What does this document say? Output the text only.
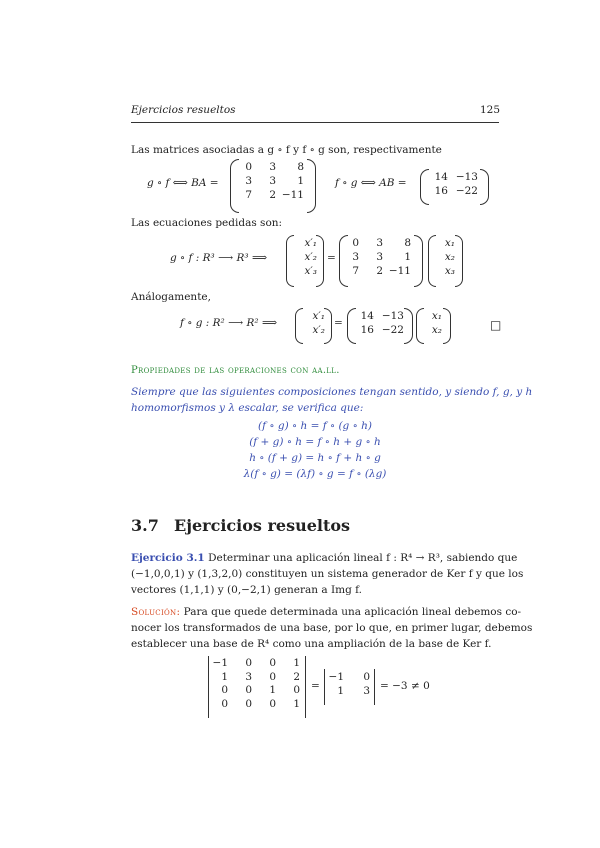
Ejercicios resueltos	125
Las matrices asociadas a g ∘ f y f ∘ g son, respectivamente
g ∘ f ⟺ BA =
0	3	8
3	3	1
7	2 −11
f ∘ g ⟺ AB =	14 −13
16 −22
Las ecuaciones pedidas son:
g ∘ f : R³ ⟶ R³ ⟹
x′₁
x′₂
x′₃
=
0	3	8
3	3	1
7	2 −11
x₁
x₂
x₃
Análogamente,
f ∘ g : R² ⟶ R² ⟹
x′₁
x′₂
=
14 −13
16 −22
x₁
x₂	□
Propiedades de las operaciones con aa.ll.
Siempre que las siguientes composiciones tengan sentido, y siendo f, g, y h
homomorfismos y λ escalar, se verifica que:
(f ∘ g) ∘ h = f ∘ (g ∘ h)
(f + g) ∘ h = f ∘ h + g ∘ h
h ∘ (f + g) = h ∘ f + h ∘ g
λ(f ∘ g) = (λf) ∘ g = f ∘ (λg)
3.7 Ejercicios resueltos
Ejercicio 3.1 Determinar una aplicación lineal f : R⁴ → R³, sabiendo que
(−1,0,0,1) y (1,3,2,0) constituyen un sistema generador de Ker f y que los
vectores (1,1,1) y (0,−2,1) generan a Img f.
Solución: Para que quede determinada una aplicación lineal debemos co-
nocer los transformados de una base, por lo que, en primer lugar, debemos
establecer una base de R⁴ como una ampliación de la base de Ker f.
−1	0	0	1
1	3	0	2
0	0	1	0
0	0	0	1
=
−1	0
1	3 = −3 ≠ 0
